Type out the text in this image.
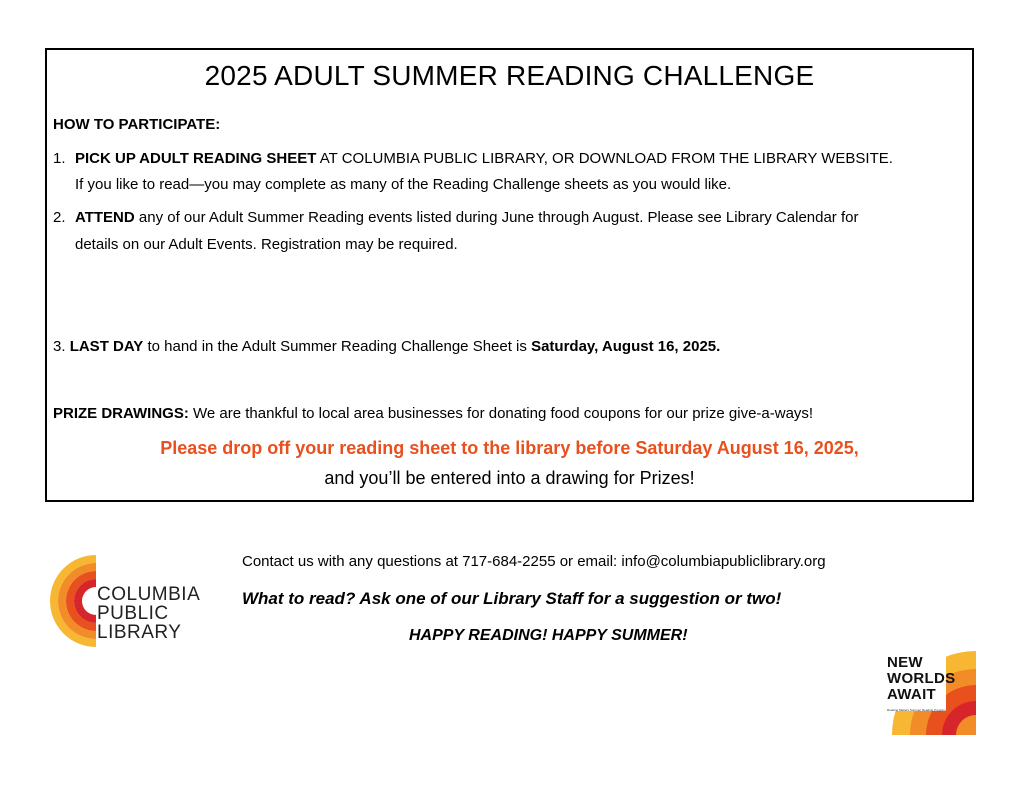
2025 ADULT SUMMER READING CHALLENGE
HOW TO PARTICIPATE:
1. PICK UP ADULT READING SHEET AT COLUMBIA PUBLIC LIBRARY, OR DOWNLOAD FROM THE LIBRARY WEBSITE.
If you like to read—you may complete as many of the Reading Challenge sheets as you would like.
2. ATTEND any of our Adult Summer Reading events listed during June through August. Please see Library Calendar for
details on our Adult Events. Registration may be required.
3. LAST DAY to hand in the Adult Summer Reading Challenge Sheet is Saturday, August 16, 2025.
PRIZE DRAWINGS: We are thankful to local area businesses for donating food coupons for our prize give-a-ways!
Please drop off your reading sheet to the library before Saturday August 16, 2025,
and you’ll be entered into a drawing for Prizes!
COLUMBIA
PUBLIC
LIBRARY
Contact us with any questions at 717-684-2255 or email: info@columbiapubliclibrary.org
What to read? Ask one of our Library Staff for a suggestion or two!
HAPPY READING! HAPPY SUMMER!
NEW
WORLDS
AWAIT
Reading Matters Summer Reading Program
